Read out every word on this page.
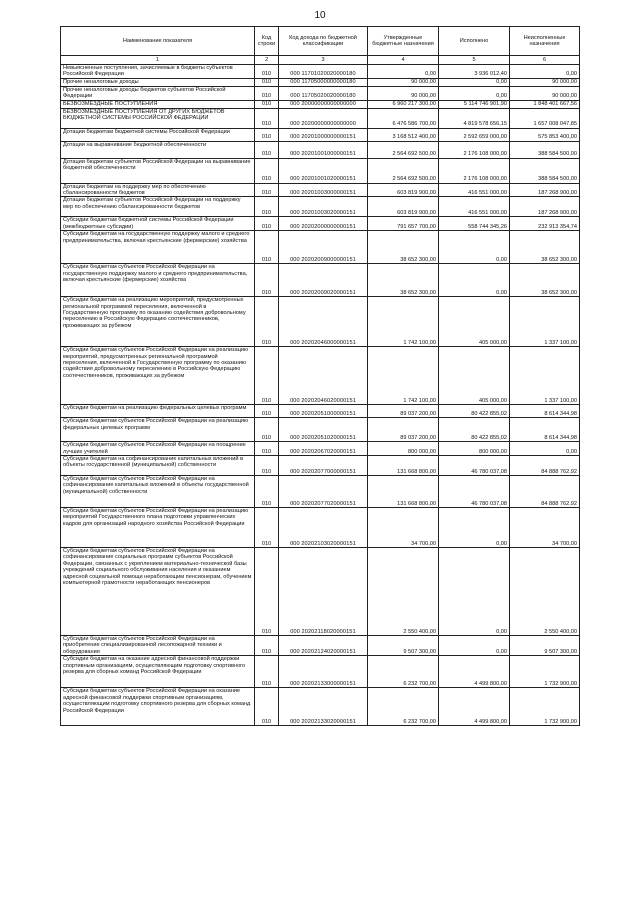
10
Наименование показателя	Код строки	Код дохода по бюджетной классификации	Утвержденные бюджетные назначения	Исполнено	Неисполненные назначения
1	2	3	4	5	6
Невыясненные поступления, зачисляемые в бюджеты субъектов Российской Федерации	010	000 11701020020000180	0,00	3 936 012,40	0,00
Прочие неналоговые доходы	010	000 11705000000000180	90 000,00	0,00	90 000,00
Прочие неналоговые доходы бюджетов субъектов Российской Федерации	010	000 11705020020000180	90 000,00	0,00	90 000,00
БЕЗВОЗМЕЗДНЫЕ ПОСТУПЛЕНИЯ	010	000 20000000000000000	6 960 217 300,00	5 114 746 901,90	1 848 401 667,56
БЕЗВОЗМЕЗДНЫЕ ПОСТУПЛЕНИЯ ОТ ДРУГИХ БЮДЖЕТОВ БЮДЖЕТНОЙ СИСТЕМЫ РОССИЙСКОЙ ФЕДЕРАЦИИ	010	000 20200000000000000	6 476 586 700,00	4 819 578 656,15	1 657 008 047,85
Дотации бюджетам бюджетной системы Российской Федерации	010	000 20201000000000151	3 168 512 400,00	2 592 659 000,00	575 853 400,00
Дотации на выравнивание бюджетной обеспеченности	010	000 20201001000000151	2 564 692 500,00	2 176 108 000,00	388 584 500,00
Дотации бюджетам субъектов Российской Федерации на выравнивание бюджетной обеспеченности	010	000 20201001020000151	2 564 692 500,00	2 176 108 000,00	388 584 500,00
Дотации бюджетам на поддержку мер по обеспечению сбалансированности бюджетов	010	000 20201003000000151	603 819 900,00	416 551 000,00	187 268 900,00
Дотации бюджетам субъектов Российской Федерации на поддержку мер по обеспечению сбалансированности бюджетов	010	000 20201003020000151	603 819 900,00	416 551 000,00	187 268 900,00
Субсидии бюджетам бюджетной системы Российской Федерации (межбюджетные субсидии)	010	000 20202000000000151	791 657 700,00	558 744 345,26	232 913 354,74
Субсидии бюджетам на государственную поддержку малого и среднего предпринимательства, включая крестьянские (фермерские) хозяйства	010	000 20202009000000151	38 652 300,00	0,00	38 652 300,00
Субсидии бюджетам субъектов Российской Федерации на государственную поддержку малого и среднего предпринимательства, включая крестьянские (фермерские) хозяйства	010	000 20202009020000151	38 652 300,00	0,00	38 652 300,00
Субсидии бюджетам на реализацию мероприятий, предусмотренных региональной программой переселения, включенной в Государственную программу по оказанию содействия добровольному переселению в Российскую Федерацию соотечественников, проживающих за рубежом	010	000 20202046000000151	1 742 100,00	405 000,00	1 337 100,00
Субсидии бюджетам субъектов Российской Федерации на реализацию мероприятий, предусмотренных региональной программой переселения, включенной в Государственную программу по оказанию содействия добровольному переселению в Российскую Федерацию соотечественников, проживающих за рубежом	010	000 20202046020000151	1 742 100,00	405 000,00	1 337 100,00
Субсидии бюджетам на реализацию федеральных целевых программ	010	000 20202051000000151	89 037 200,00	80 422 855,02	8 614 344,98
Субсидии бюджетам субъектов Российской Федерации на реализацию федеральных целевых программ	010	000 20202051020000151	89 037 200,00	80 422 855,02	8 614 344,98
Субсидии бюджетам субъектов Российской Федерации на поощрение лучших учителей	010	000 20202067020000151	800 000,00	800 000,00	0,00
Субсидии бюджетам на софинансирование капитальных вложений в объекты государственной (муниципальной) собственности	010	000 20202077000000151	131 668 800,00	46 780 037,08	84 888 762,92
Субсидии бюджетам субъектов Российской Федерации на софинансирование капитальных вложений в объекты государственной (муниципальной) собственности	010	000 20202077020000151	131 668 800,00	46 780 037,08	84 888 762,92
Субсидии бюджетам субъектов Российской Федерации на реализацию мероприятий Государственного плана подготовки управленческих кадров для организаций народного хозяйства Российской Федерации	010	000 20202103020000151	34 700,00	0,00	34 700,00
Субсидии бюджетам субъектов Российской Федерации на софинансирование социальных программ субъектов Российской Федерации, связанных с укреплением материально-технической базы учреждений социального обслуживания населения и оказанием адресной социальной помощи неработающим пенсионерам, обучением компьютерной грамотности неработающих пенсионеров	010	000 20202118020000151	2 550 400,00	0,00	2 550 400,00
Субсидии бюджетам субъектов Российской Федерации на приобретение специализированной лесопожарной техники и оборудования	010	000 20202124020000151	9 507 300,00	0,00	9 507 300,00
Субсидии бюджетам на оказание адресной финансовой поддержки спортивным организациям, осуществляющим подготовку спортивного резерва для сборных команд Российской Федерации	010	000 20202133000000151	6 232 700,00	4 499 800,00	1 732 900,00
Субсидии бюджетам субъектов Российской Федерации на оказание адресной финансовой поддержки спортивным организациям, осуществляющим подготовку спортивного резерва для сборных команд Российской Федерации	010	000 20202133020000151	6 232 700,00	4 499 800,00	1 732 900,00
